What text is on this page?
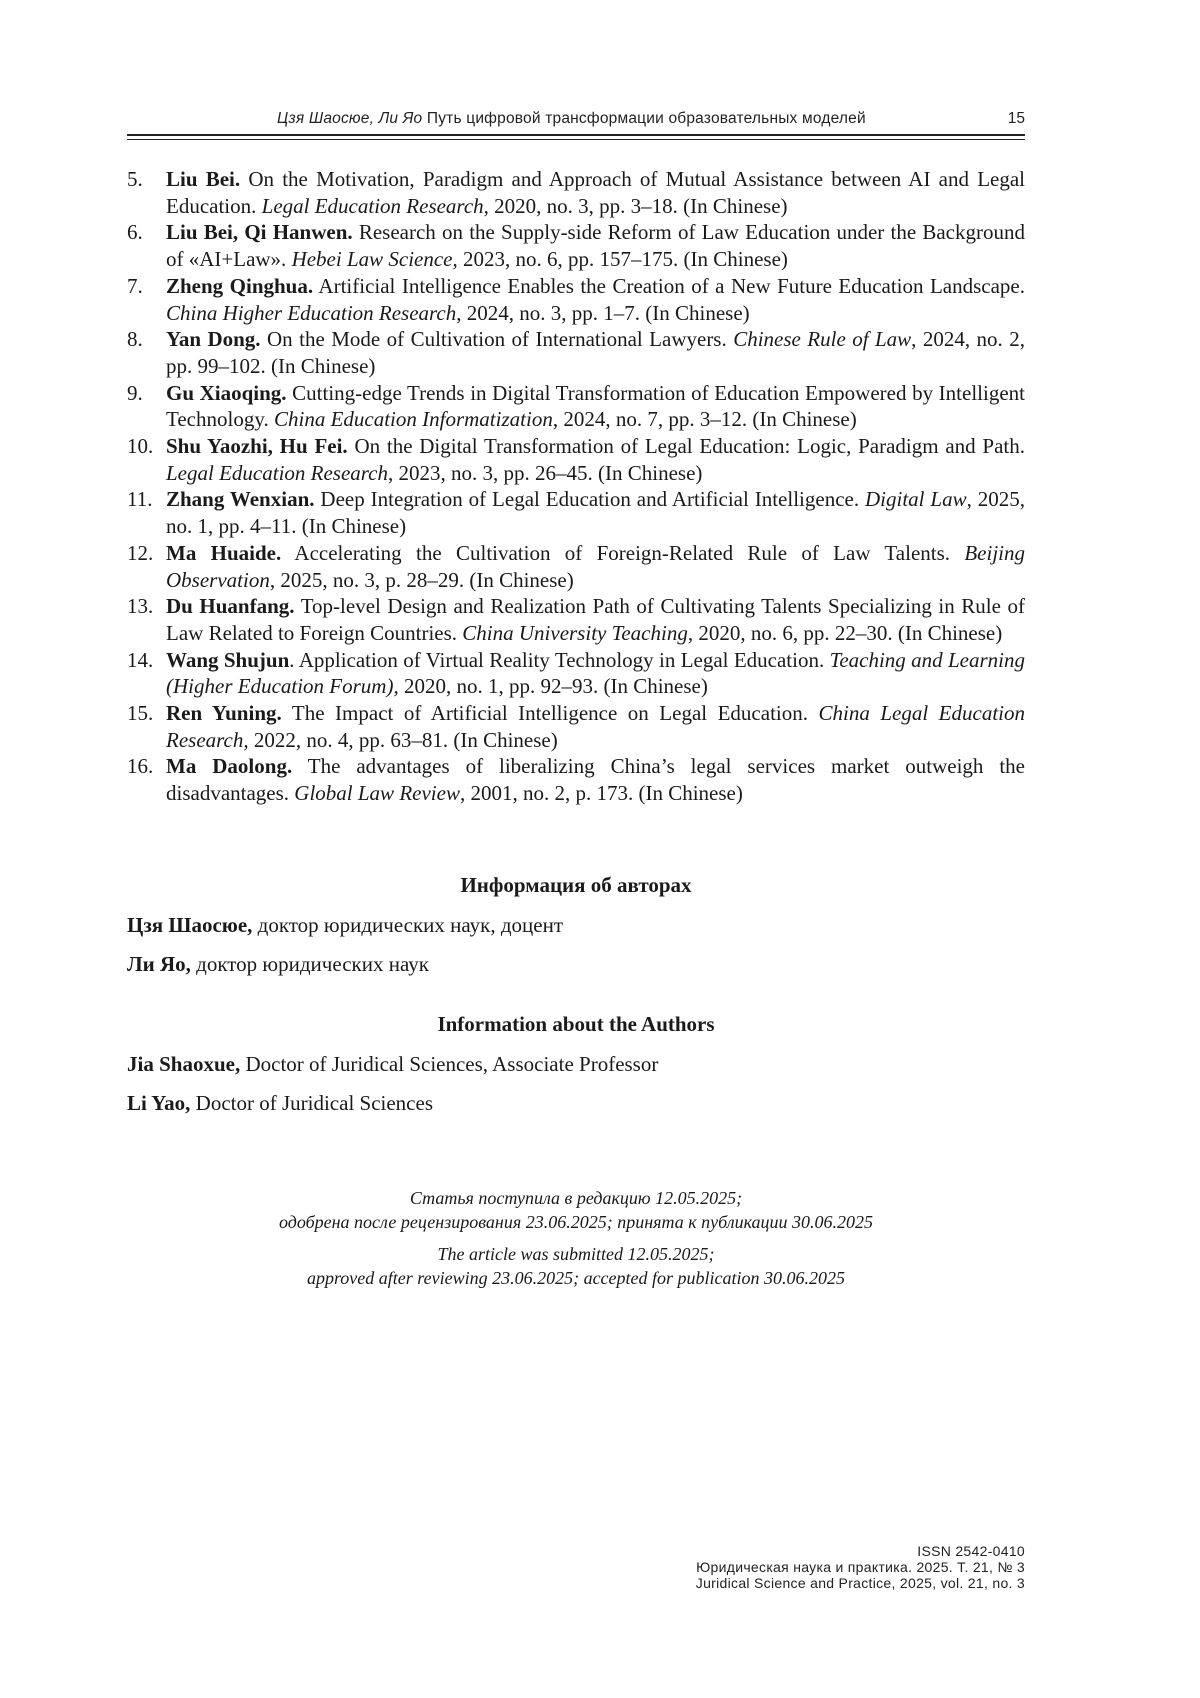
Цзя Шаосюе, Ли Яо Путь цифровой трансформации образовательных моделей	15
5. Liu Bei. On the Motivation, Paradigm and Approach of Mutual Assistance between AI and Legal Education. Legal Education Research, 2020, no. 3, pp. 3–18. (In Chinese)
6. Liu Bei, Qi Hanwen. Research on the Supply-side Reform of Law Education under the Background of «AI+Law». Hebei Law Science, 2023, no. 6, pp. 157–175. (In Chinese)
7. Zheng Qinghua. Artificial Intelligence Enables the Creation of a New Future Education Landscape. China Higher Education Research, 2024, no. 3, pp. 1–7. (In Chinese)
8. Yan Dong. On the Mode of Cultivation of International Lawyers. Chinese Rule of Law, 2024, no. 2, pp. 99–102. (In Chinese)
9. Gu Xiaoqing. Cutting-edge Trends in Digital Transformation of Education Empowered by Intelligent Technology. China Education Informatization, 2024, no. 7, pp. 3–12. (In Chinese)
10. Shu Yaozhi, Hu Fei. On the Digital Transformation of Legal Education: Logic, Paradigm and Path. Legal Education Research, 2023, no. 3, pp. 26–45. (In Chinese)
11. Zhang Wenxian. Deep Integration of Legal Education and Artificial Intelligence. Digital Law, 2025, no. 1, pp. 4–11. (In Chinese)
12. Ma Huaide. Accelerating the Cultivation of Foreign-Related Rule of Law Talents. Beijing Observation, 2025, no. 3, p. 28–29. (In Chinese)
13. Du Huanfang. Top-level Design and Realization Path of Cultivating Talents Specializing in Rule of Law Related to Foreign Countries. China University Teaching, 2020, no. 6, pp. 22–30. (In Chinese)
14. Wang Shujun. Application of Virtual Reality Technology in Legal Education. Teaching and Learning (Higher Education Forum), 2020, no. 1, pp. 92–93. (In Chinese)
15. Ren Yuning. The Impact of Artificial Intelligence on Legal Education. China Legal Education Research, 2022, no. 4, pp. 63–81. (In Chinese)
16. Ma Daolong. The advantages of liberalizing China’s legal services market outweigh the disadvantages. Global Law Review, 2001, no. 2, p. 173. (In Chinese)
Информация об авторах
Цзя Шаосюе, доктор юридических наук, доцент
Ли Яо, доктор юридических наук
Information about the Authors
Jia Shaoxue, Doctor of Juridical Sciences, Associate Professor
Li Yao, Doctor of Juridical Sciences
Статья поступила в редакцию 12.05.2025;
одобрена после рецензирования 23.06.2025; принята к публикации 30.06.2025
The article was submitted 12.05.2025;
approved after reviewing 23.06.2025; accepted for publication 30.06.2025
ISSN 2542-0410
Юридическая наука и практика. 2025. Т. 21, № 3
Juridical Science and Practice, 2025, vol. 21, no. 3
